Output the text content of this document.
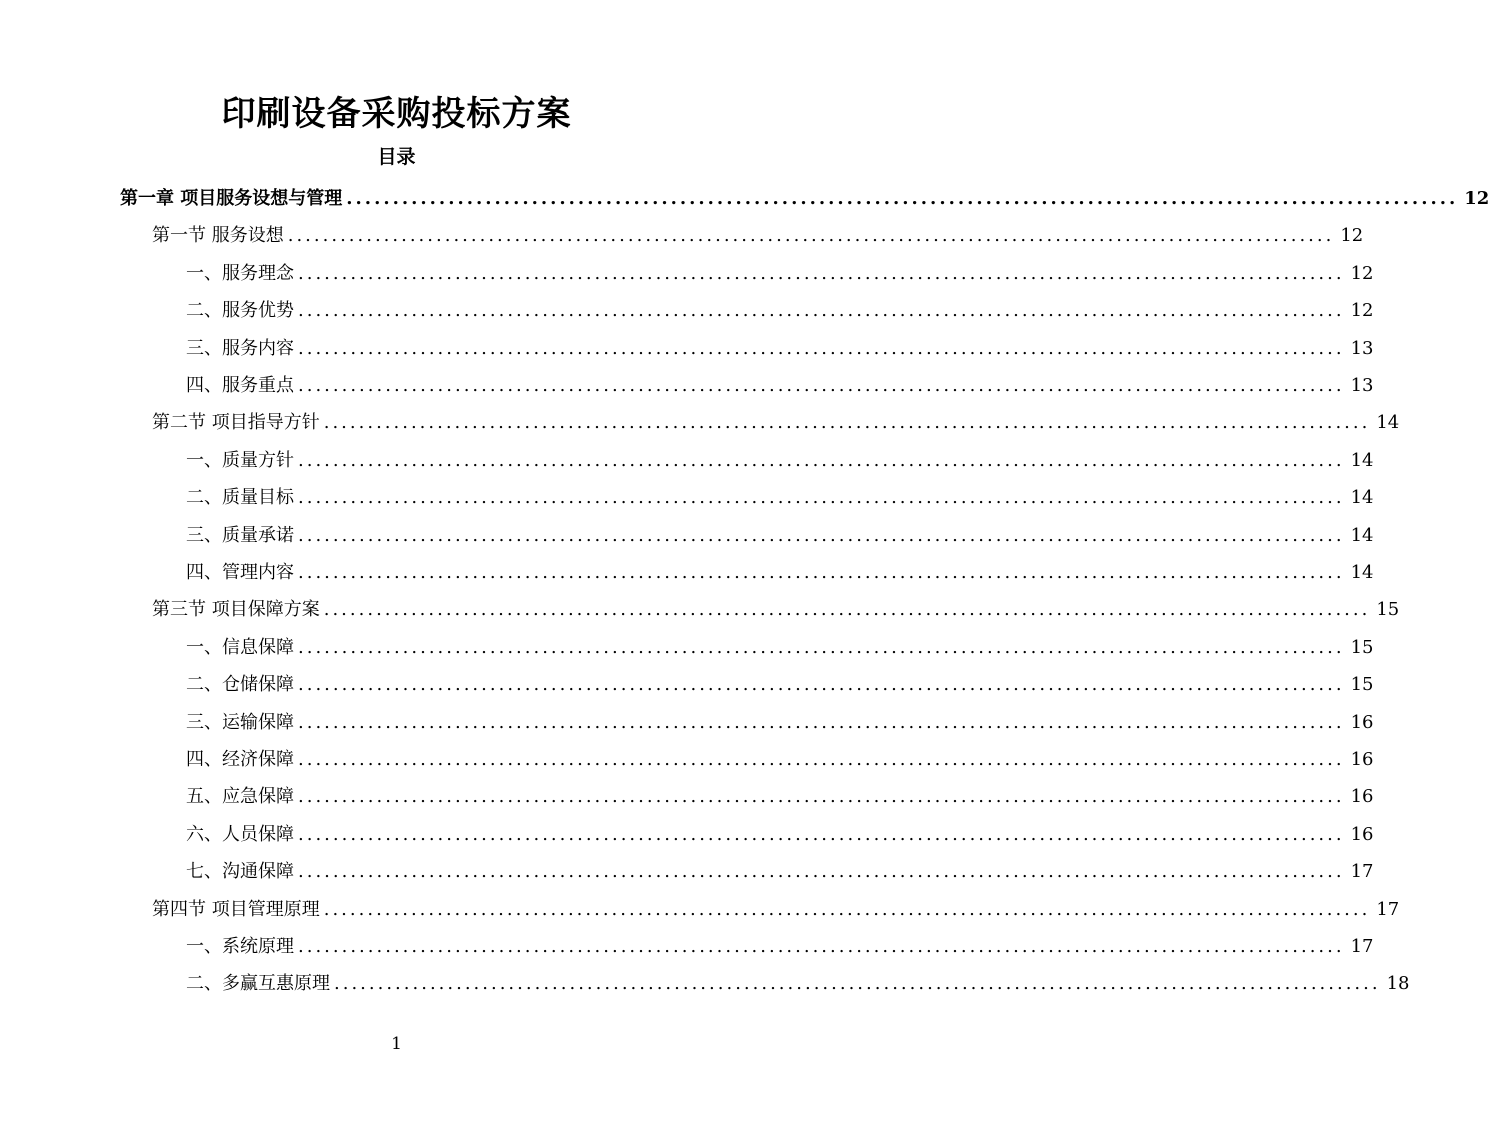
印刷设备采购投标方案
目录
第一章 项目服务设想与管理 ........................................................................................................................ 12
第一节 服务设想 ........................................................................................................................ 12
一、服务理念 ........................................................................................................................ 12
二、服务优势 ........................................................................................................................ 12
三、服务内容 ........................................................................................................................ 13
四、服务重点 ........................................................................................................................ 13
第二节 项目指导方针 ........................................................................................................................ 14
一、质量方针 ........................................................................................................................ 14
二、质量目标 ........................................................................................................................ 14
三、质量承诺 ........................................................................................................................ 14
四、管理内容 ........................................................................................................................ 14
第三节 项目保障方案 ........................................................................................................................ 15
一、信息保障 ........................................................................................................................ 15
二、仓储保障 ........................................................................................................................ 15
三、运输保障 ........................................................................................................................ 16
四、经济保障 ........................................................................................................................ 16
五、应急保障 ........................................................................................................................ 16
六、人员保障 ........................................................................................................................ 16
七、沟通保障 ........................................................................................................................ 17
第四节 项目管理原理 ........................................................................................................................ 17
一、系统原理 ........................................................................................................................ 17
二、多赢互惠原理 ........................................................................................................................ 18
1
